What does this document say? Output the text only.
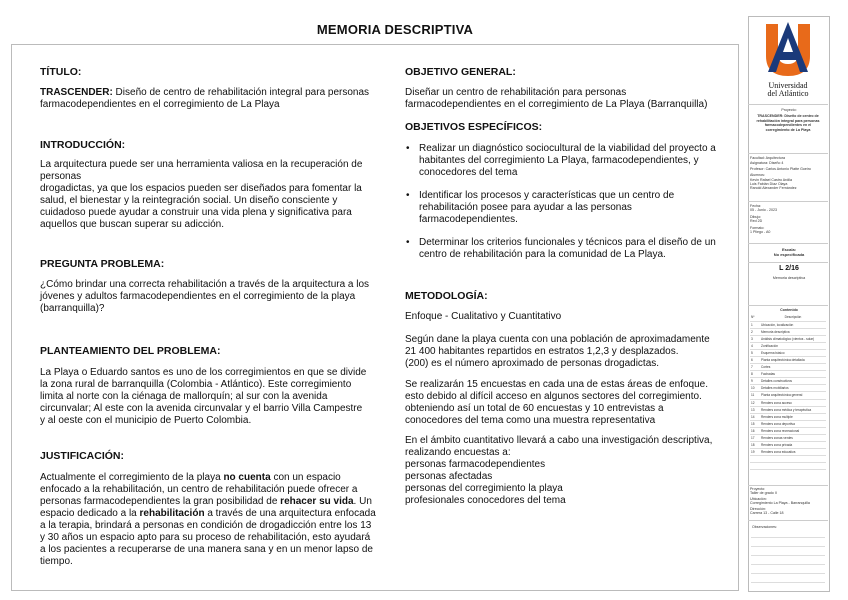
MEMORIA DESCRIPTIVA
TÍTULO:
TRASCENDER: Diseño de centro de rehabilitación integral para personas
farmacodependientes en el corregimiento de La Playa
INTRODUCCIÓN:
La arquitectura puede ser una herramienta valiosa en la recuperación de
personas
drogadictas, ya que los espacios pueden ser diseñados para fomentar la
salud, el bienestar y la reintegración social. Un diseño consciente y
cuidadoso puede ayudar a construir una vida plena y significativa para
aquellos que buscan superar su adicción.
PREGUNTA PROBLEMA:
¿Cómo brindar una correcta rehabilitación a través de la arquitectura a los
jóvenes y adultos farmacodependientes en el corregimiento de la playa
(barranquilla)?
PLANTEAMIENTO DEL PROBLEMA:
La Playa o Eduardo santos es uno de los corregimientos en que se divide
la zona rural de barranquilla (Colombia - Atlántico). Este corregimiento
limita al norte con la ciénaga de mallorquín; al sur con la avenida
circunvalar; Al este con la avenida circunvalar y el barrio Villa Campestre
y al oeste con el municipio de Puerto Colombia.
JUSTIFICACIÓN:
Actualmente el corregimiento de la playa no cuenta con un espacio
enfocado a la rehabilitación, un centro de rehabilitación puede ofrecer a
personas farmacodependientes la gran posibilidad de rehacer su vida. Un
espacio dedicado a la rehabilitación a través de una arquitectura enfocada
a la terapia, brindará a personas en condición de drogadicción entre los 13
y 30 años un espacio apto para su proceso de rehabilitación, esto ayudará
a los pacientes a recuperarse de una manera sana y en un menor lapso de
tiempo.
OBJETIVO GENERAL:
Diseñar un centro de rehabilitación para personas
farmacodependientes en el corregimiento de La Playa (Barranquilla)
OBJETIVOS ESPECÍFICOS:
• Realizar un diagnóstico sociocultural de la viabilidad del proyecto a habitantes del corregimiento La Playa, farmacodependientes, y conocedores del tema
• Identificar los procesos y características que un centro de rehabilitación posee para ayudar a las personas farmacodependientes.
• Determinar los criterios funcionales y técnicos para el diseño de un centro de rehabilitación para la comunidad de La Playa.
METODOLOGÍA:
Enfoque - Cualitativo y Cuantitativo
Según dane la playa cuenta con una población de aproximadamente
21 400 habitantes repartidos en estratos 1,2,3 y desplazados.
(200) es el número aproximado de personas drogadictas.
Se realizarán 15 encuestas en cada una de estas áreas de enfoque.
esto debido al difícil acceso en algunos sectores del corregimiento.
obteniendo así un total de 60 encuestas y 10 entrevistas a
conocedores del tema como una muestra representativa
En el ámbito cuantitativo llevará a cabo una investigación descriptiva,
realizando encuestas a:
personas farmacodependientes
personas afectadas
personas del corregimiento la playa
profesionales conocedores del tema
Universidad
del Atlántico
Proyecto:
TRASCENDER: Diseño de centro de rehabilitación integral para personas farmacodependientes en el corregimiento de La Playa
Facultad: Arquitectura
Asignatura: Diseño 4
Profesor: Carlos Antonio Platte Goeiro
Alumnos:
Kevin Rafael Castro Ardila
Luis Fabián Díaz Olaya
Ranold Alexander Fernández
Fecha:
05 - Junio - 2023
Dibujo:
Red 2D
Formato:
1 Pliego - A0
Escala:
No especificada
L 2/16
Memoria descriptiva
Contenido
Nº	Descripción
1	Ubicación, localización
2	Memoria descriptiva
3	Análisis climatológico (vientos - solar)
4	Zonificación
5	Esquema básico
6	Planta arquitectónica detallada
7	Cortes
8	Fachadas
9	Detalles constructivos
10	Detalles mobiliarios
11	Planta arquitectónica general
12	Renders zona acceso
13	Renders zona médica y terapéutica
14	Renders zona multiple
15	Renders zona deportiva
16	Renders zona recreacional
17	Renders zonas verdes
18	Renders zona privada
19	Renders zona educativa

Proyecto:
Taller de grado II
Ubicación:
Corregimiento La Playa - Barranquilla
Dirección:
Carrera 13 - Calle 18
Observaciones:
